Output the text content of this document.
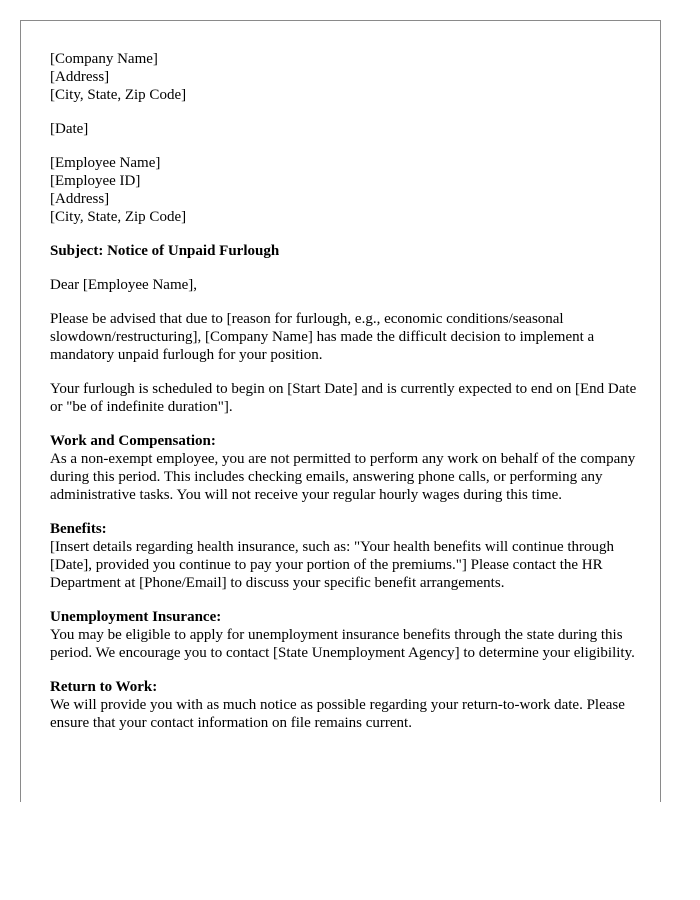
[Company Name]
[Address]
[City, State, Zip Code]
[Date]
[Employee Name]
[Employee ID]
[Address]
[City, State, Zip Code]

Subject: Notice of Unpaid Furlough

Dear [Employee Name],

Please be advised that due to [reason for furlough, e.g., economic conditions/seasonal slowdown/restructuring], [Company Name] has made the difficult decision to implement a mandatory unpaid furlough for your position.

Your furlough is scheduled to begin on [Start Date] and is currently expected to end on [End Date or "be of indefinite duration"].

Work and Compensation:
As a non-exempt employee, you are not permitted to perform any work on behalf of the company during this period. This includes checking emails, answering phone calls, or performing any administrative tasks. You will not receive your regular hourly wages during this time.

Benefits:
[Insert details regarding health insurance, such as: "Your health benefits will continue through [Date], provided you continue to pay your portion of the premiums."] Please contact the HR Department at [Phone/Email] to discuss your specific benefit arrangements.

Unemployment Insurance:
You may be eligible to apply for unemployment insurance benefits through the state during this period. We encourage you to contact [State Unemployment Agency] to determine your eligibility.

Return to Work:
We will provide you with as much notice as possible regarding your return-to-work date. Please ensure that your contact information on file remains current.
